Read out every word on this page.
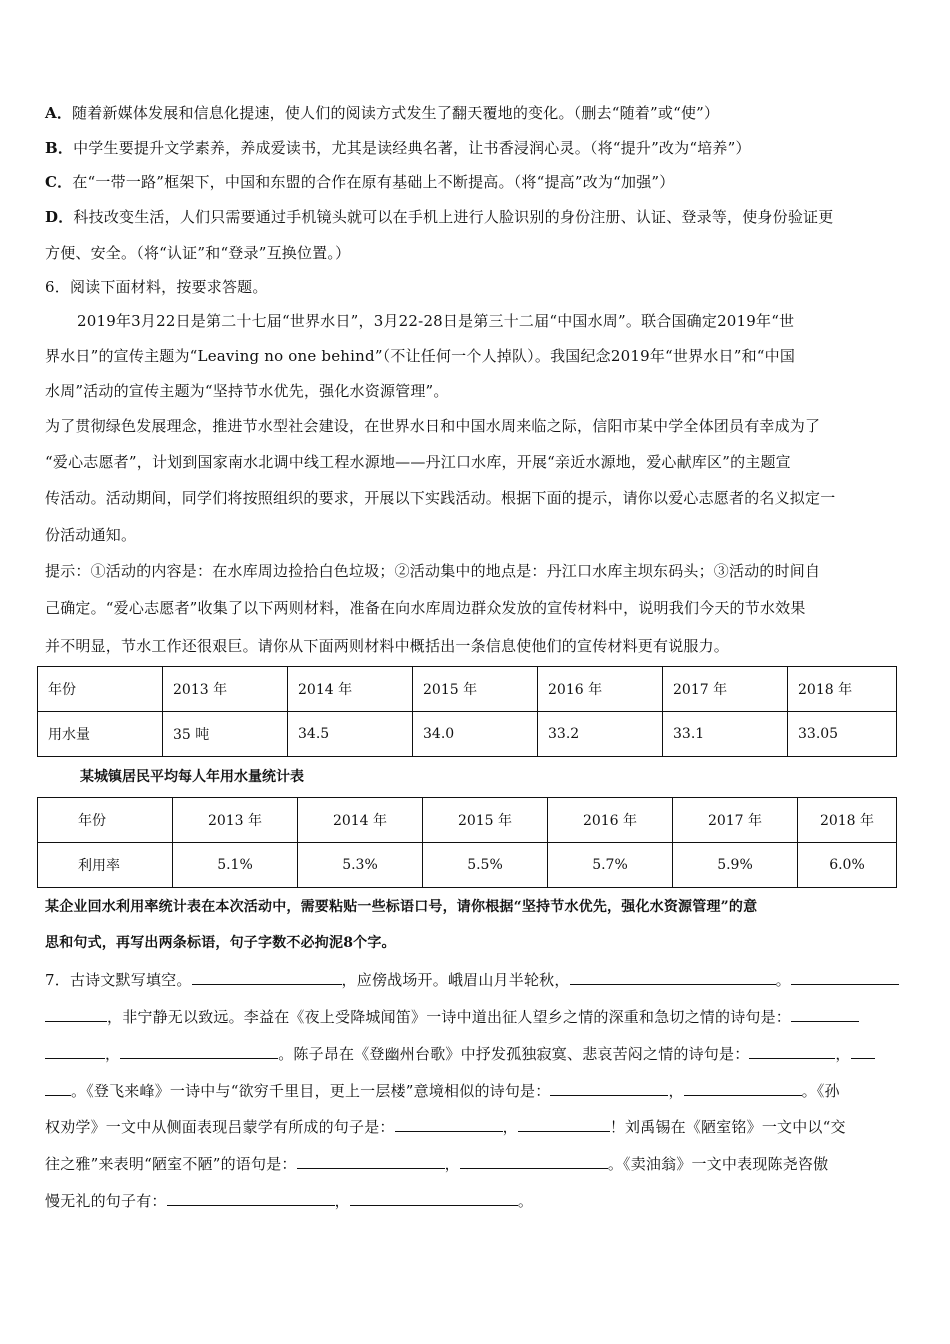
A．随着新媒体发展和信息化提速，使人们的阅读方式发生了翻天覆地的变化。（删去“随着”或“使”）
B．中学生要提升文学素养，养成爱读书，尤其是读经典名著，让书香浸润心灵。（将“提升”改为“培养”）
C．在“一带一路”框架下，中国和东盟的合作在原有基础上不断提高。（将“提高”改为“加强”）
D．科技改变生活，人们只需要通过手机镜头就可以在手机上进行人脸识别的身份注册、认证、登录等，使身份验证更
方便、安全。（将“认证”和“登录”互换位置。）
6．阅读下面材料，按要求答题。
2019年3月22日是第二十七届“世界水日”，3月22-28日是第三十二届“中国水周”。联合国确定2019年“世
界水日”的宣传主题为“Leaving no one behind”（不让任何一个人掉队）。我国纪念2019年“世界水日”和“中国
水周”活动的宣传主题为“坚持节水优先，强化水资源管理”。
为了贯彻绿色发展理念，推进节水型社会建设，在世界水日和中国水周来临之际，信阳市某中学全体团员有幸成为了
“爱心志愿者”，计划到国家南水北调中线工程水源地——丹江口水库，开展“亲近水源地，爱心献库区”的主题宣
传活动。活动期间，同学们将按照组织的要求，开展以下实践活动。根据下面的提示，请你以爱心志愿者的名义拟定一
份活动通知。
提示：①活动的内容是：在水库周边捡拾白色垃圾；②活动集中的地点是：丹江口水库主坝东码头；③活动的时间自
己确定。“爱心志愿者”收集了以下两则材料，准备在向水库周边群众发放的宣传材料中，说明我们今天的节水效果
并不明显，节水工作还很艰巨。请你从下面两则材料中概括出一条信息使他们的宣传材料更有说服力。
年份	2013 年	2014 年	2015 年	2016 年	2017 年	2018 年
用水量	35 吨	34.5	34.0	33.2	33.1	33.05
某城镇居民平均每人年用水量统计表
年份	2013 年	2014 年	2015 年	2016 年	2017 年	2018 年
利用率	5.1%	5.3%	5.5%	5.7%	5.9%	6.0%
某企业回水利用率统计表在本次活动中，需要粘贴一些标语口号，请你根据“坚持节水优先，强化水资源管理”的意
思和句式，再写出两条标语，句子字数不必拘泥8个字。
7．古诗文默写填空。	，应傍战场开。峨眉山月半轮秋，	。
，非宁静无以致远。李益在《夜上受降城闻笛》一诗中道出征人望乡之情的深重和急切之情的诗句是：
，	。陈子昂在《登幽州台歌》中抒发孤独寂寞、悲哀苦闷之情的诗句是：	，
。《登飞来峰》一诗中与“欲穷千里目，更上一层楼”意境相似的诗句是：	，	。《孙
权劝学》一文中从侧面表现吕蒙学有所成的句子是：	，	！刘禹锡在《陋室铭》一文中以“交
往之雅”来表明“陋室不陋”的语句是：	，	。《卖油翁》一文中表现陈尧咨傲
慢无礼的句子有：	，	。
